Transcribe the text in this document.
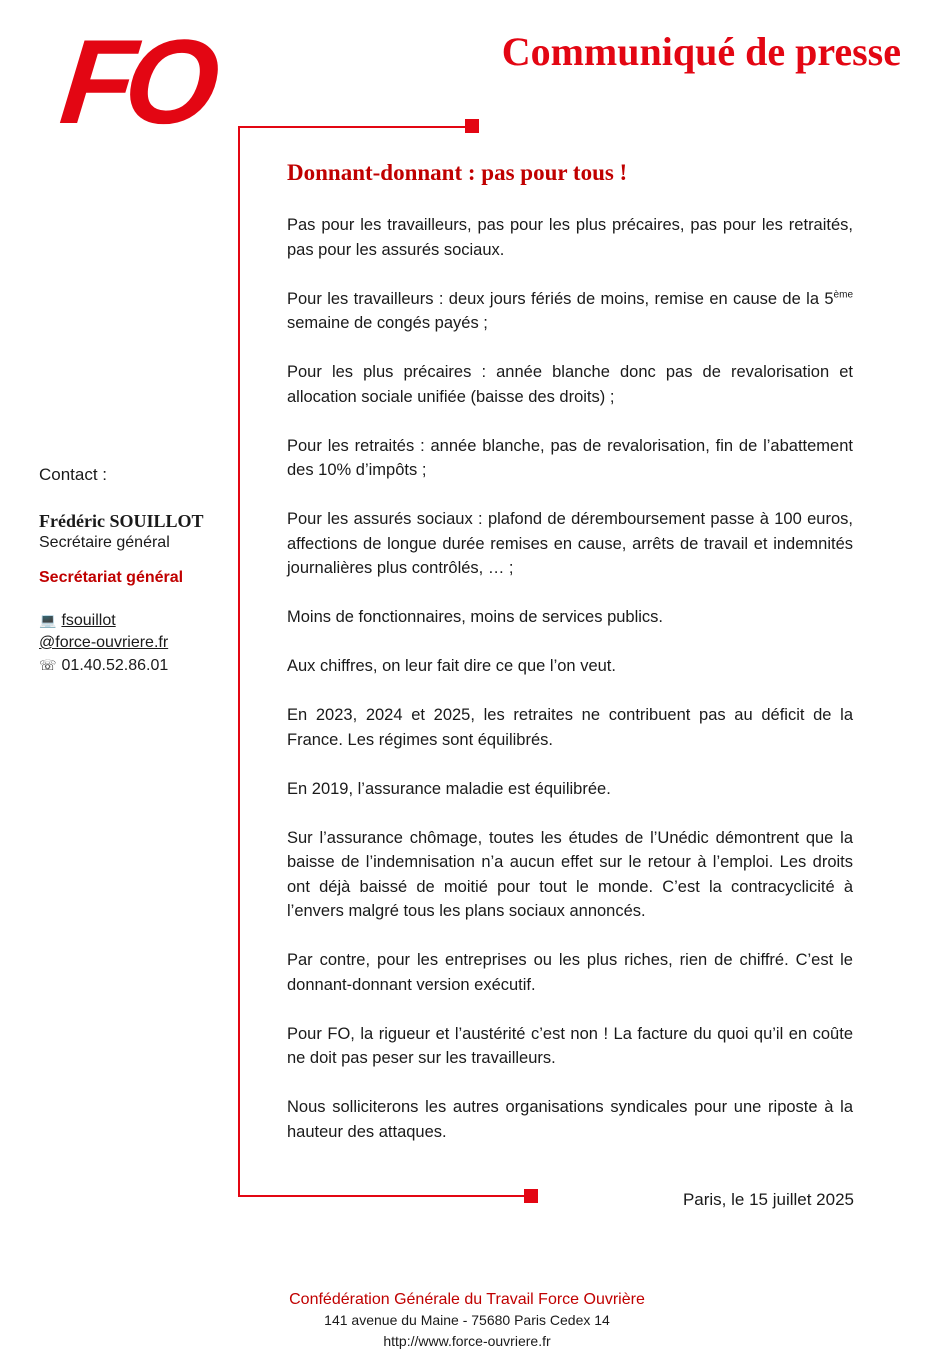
FO	Communiqué de presse
Contact :
Frédéric SOUILLOT
Secrétaire général
Secrétariat général
💻 fsouillot
@force-ouvriere.fr
☏ 01.40.52.86.01
Donnant-donnant : pas pour tous !

Pas pour les travailleurs, pas pour les plus précaires, pas pour les retraités, pas pour les assurés sociaux.

Pour les travailleurs : deux jours fériés de moins, remise en cause de la 5ème semaine de congés payés ;

Pour les plus précaires : année blanche donc pas de revalorisation et allocation sociale unifiée (baisse des droits) ;

Pour les retraités : année blanche, pas de revalorisation, fin de l’abattement des 10% d’impôts ;

Pour les assurés sociaux : plafond de déremboursement passe à 100 euros, affections de longue durée remises en cause, arrêts de travail et indemnités journalières plus contrôlés, … ;

Moins de fonctionnaires, moins de services publics.

Aux chiffres, on leur fait dire ce que l’on veut.

En 2023, 2024 et 2025, les retraites ne contribuent pas au déficit de la France. Les régimes sont équilibrés.

En 2019, l’assurance maladie est équilibrée.

Sur l’assurance chômage, toutes les études de l’Unédic démontrent que la baisse de l’indemnisation n’a aucun effet sur le retour à l’emploi. Les droits ont déjà baissé de moitié pour tout le monde. C’est la contracyclicité à l’envers malgré tous les plans sociaux annoncés.

Par contre, pour les entreprises ou les plus riches, rien de chiffré. C’est le donnant-donnant version exécutif.

Pour FO, la rigueur et l’austérité c’est non ! La facture du quoi qu’il en coûte ne doit pas peser sur les travailleurs.

Nous solliciterons les autres organisations syndicales pour une riposte à la hauteur des attaques.

Paris, le 15 juillet 2025
Confédération Générale du Travail Force Ouvrière
141 avenue du Maine - 75680 Paris Cedex 14
http://www.force-ouvriere.fr
